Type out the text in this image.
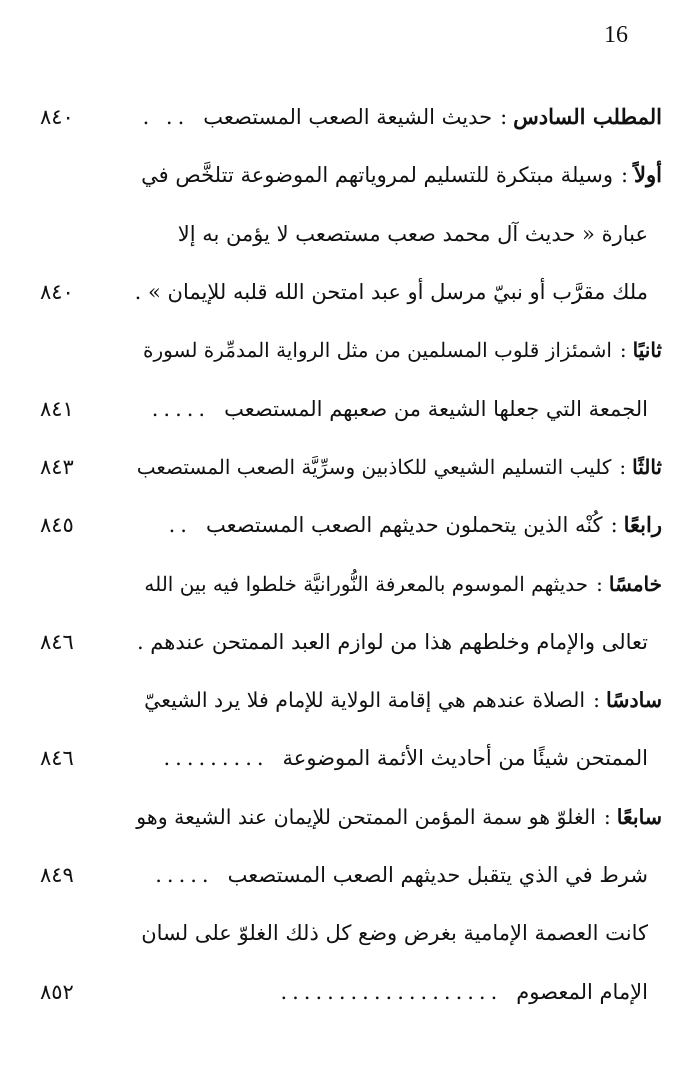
16
المطلب السادس
:
حديث الشيعة الصعب المستصعب
.. .
٨٤٠
أولاً
:
وسيلة مبتكرة للتسليم لمروياتهم الموضوعة تتلخَّص في
عبارة « حديث آل محمد صعب مستصعب لا يؤمن به إلا
ملك مقرَّب أو نبيّ مرسل أو عبد امتحن الله قلبه للإيمان » .
٨٤٠
ثانيًا
:
اشمئزاز قلوب المسلمين من مثل الرواية المدمِّرة لسورة
الجمعة التي جعلها الشيعة من صعبهم المستصعب
.....
٨٤١
ثالثًا
:
كليب التسليم الشيعي للكاذبين وسرِّيَّة الصعب المستصعب
٨٤٣
رابعًا
:
كُنْه الذين يتحملون حديثهم الصعب المستصعب
..
٨٤٥
خامسًا
:
حديثهم الموسوم بالمعرفة النُّورانيَّة خلطوا فيه بين الله
تعالى والإمام وخلطهم هذا من لوازم العبد الممتحن عندهم .
٨٤٦
سادسًا
:
الصلاة عندهم هي إقامة الولاية للإمام فلا يرد الشيعيّ
الممتحن شيئًا من أحاديث الأئمة الموضوعة
.........
٨٤٦
سابعًا
:
الغلوّ هو سمة المؤمن الممتحن للإيمان عند الشيعة وهو
شرط في الذي يتقبل حديثهم الصعب المستصعب
.....
٨٤٩
كانت العصمة الإمامية بغرض وضع كل ذلك الغلوّ على لسان
الإمام المعصوم
...................
٨٥٢
